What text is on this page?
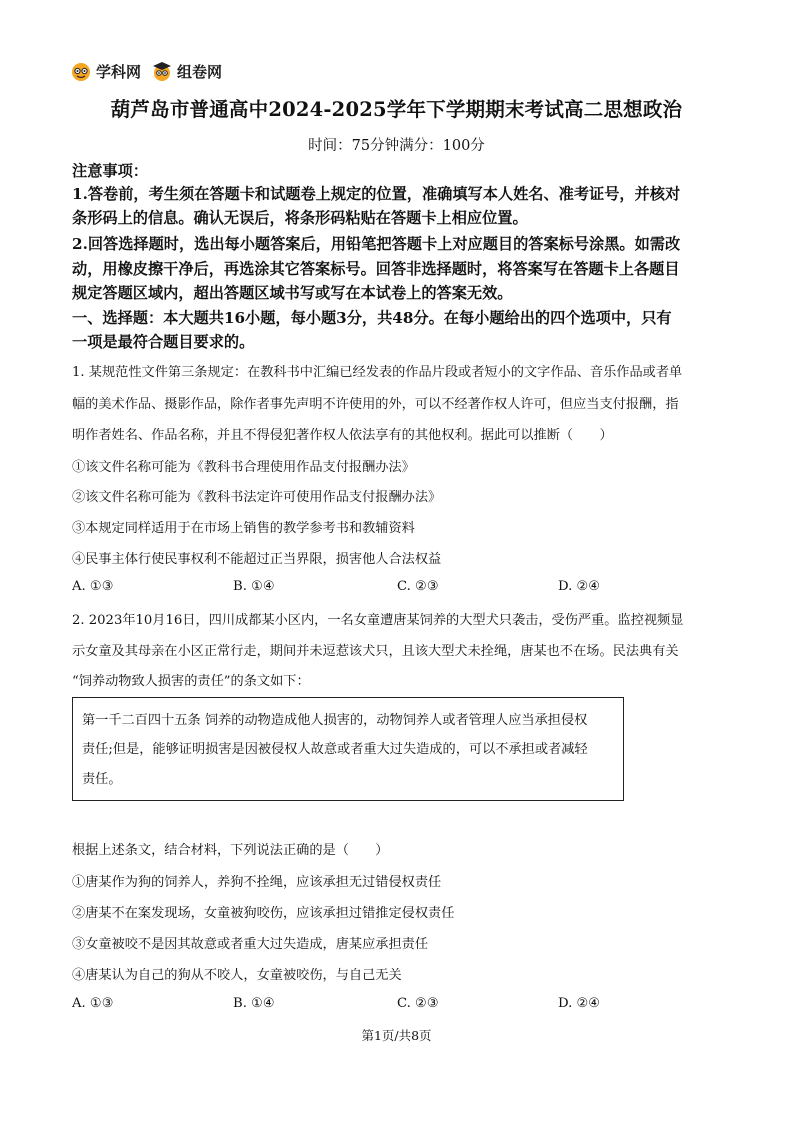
学科网 组卷网
葫芦岛市普通高中2024-2025学年下学期期末考试高二思想政治
时间：75分钟满分：100分
注意事项：
1.答卷前，考生须在答题卡和试题卷上规定的位置，准确填写本人姓名、准考证号，并核对
条形码上的信息。确认无误后，将条形码粘贴在答题卡上相应位置。
2.回答选择题时，选出每小题答案后，用铅笔把答题卡上对应题目的答案标号涂黑。如需改
动，用橡皮擦干净后，再选涂其它答案标号。回答非选择题时，将答案写在答题卡上各题目
规定答题区域内，超出答题区域书写或写在本试卷上的答案无效。
一、选择题：本大题共16小题，每小题3分，共48分。在每小题给出的四个选项中，只有
一项是最符合题目要求的。
1. 某规范性文件第三条规定：在教科书中汇编已经发表的作品片段或者短小的文字作品、音乐作品或者单
幅的美术作品、摄影作品，除作者事先声明不许使用的外，可以不经著作权人许可，但应当支付报酬，指
明作者姓名、作品名称，并且不得侵犯著作权人依法享有的其他权利。据此可以推断（　　）
①该文件名称可能为《教科书合理使用作品支付报酬办法》
②该文件名称可能为《教科书法定许可使用作品支付报酬办法》
③本规定同样适用于在市场上销售的教学参考书和教辅资料
④民事主体行使民事权利不能超过正当界限，损害他人合法权益
A. ①③	B. ①④	C. ②③	D. ②④
2. 2023年10月16日，四川成都某小区内，一名女童遭唐某饲养的大型犬只袭击，受伤严重。监控视频显
示女童及其母亲在小区正常行走，期间并未逗惹该犬只，且该大型犬未拴绳，唐某也不在场。民法典有关
“饲养动物致人损害的责任”的条文如下：
第一千二百四十五条 饲养的动物造成他人损害的，动物饲养人或者管理人应当承担侵权
责任;但是，能够证明损害是因被侵权人故意或者重大过失造成的，可以不承担或者减轻
责任。
根据上述条文，结合材料，下列说法正确的是（　　）
①唐某作为狗的饲养人，养狗不拴绳，应该承担无过错侵权责任
②唐某不在案发现场，女童被狗咬伤，应该承担过错推定侵权责任
③女童被咬不是因其故意或者重大过失造成，唐某应承担责任
④唐某认为自己的狗从不咬人，女童被咬伤，与自己无关
A. ①③	B. ①④	C. ②③	D. ②④
第1页/共8页
